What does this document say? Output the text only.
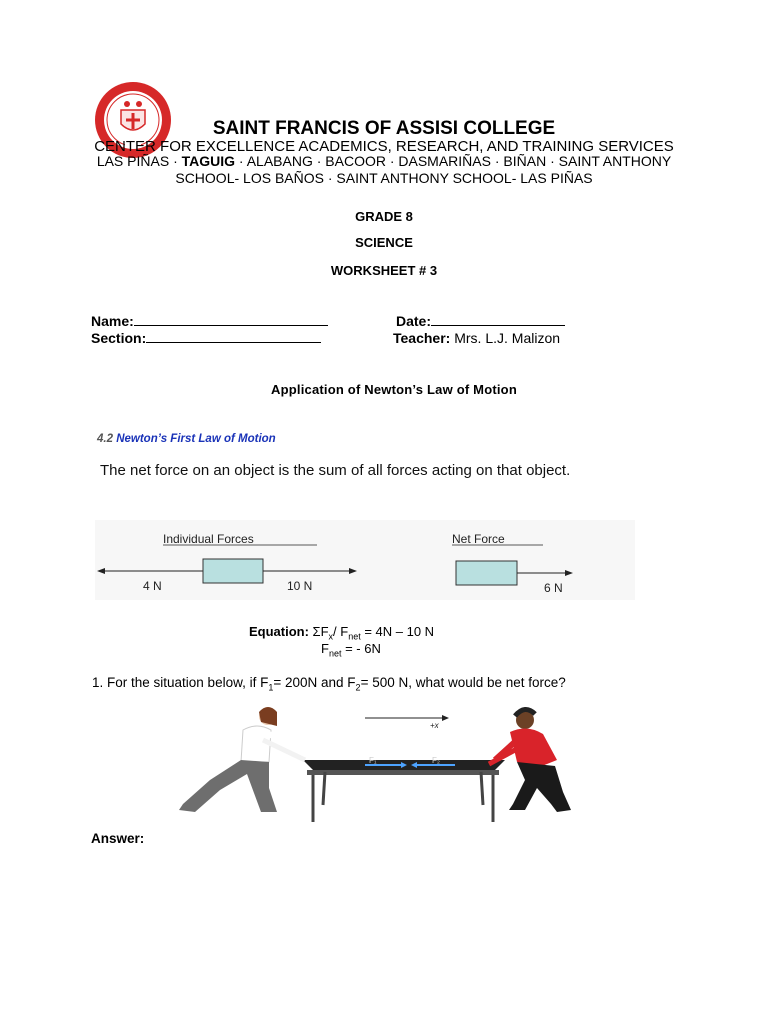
SAINT FRANCIS OF ASSISI COLLEGE
CENTER FOR EXCELLENCE ACADEMICS, RESEARCH, AND TRAINING SERVICES
LAS PIÑAS · TAGUIG · ALABANG · BACOOR · DASMARIÑAS · BIÑAN · SAINT ANTHONY
SCHOOL- LOS BAÑOS · SAINT ANTHONY SCHOOL- LAS PIÑAS
GRADE 8
SCIENCE
WORKSHEET # 3
Name:	Date:
Section:	Teacher: Mrs. L.J. Malizon
Application of Newton’s Law of Motion
4.2 Newton’s First Law of Motion
The net force on an object is the sum of all forces acting on that object.
Individual Forces	Net Force
4 N	10 N	6 N
Equation: $\Sigma F_x/$ $F_{net} = 4N - 10$ N
$F_{net}$ = - 6N
1. For the situation below, if $F_1= 200N$ and $F_2= 500$ N, what would be net force?
+x
F₁	F₂
Answer:
